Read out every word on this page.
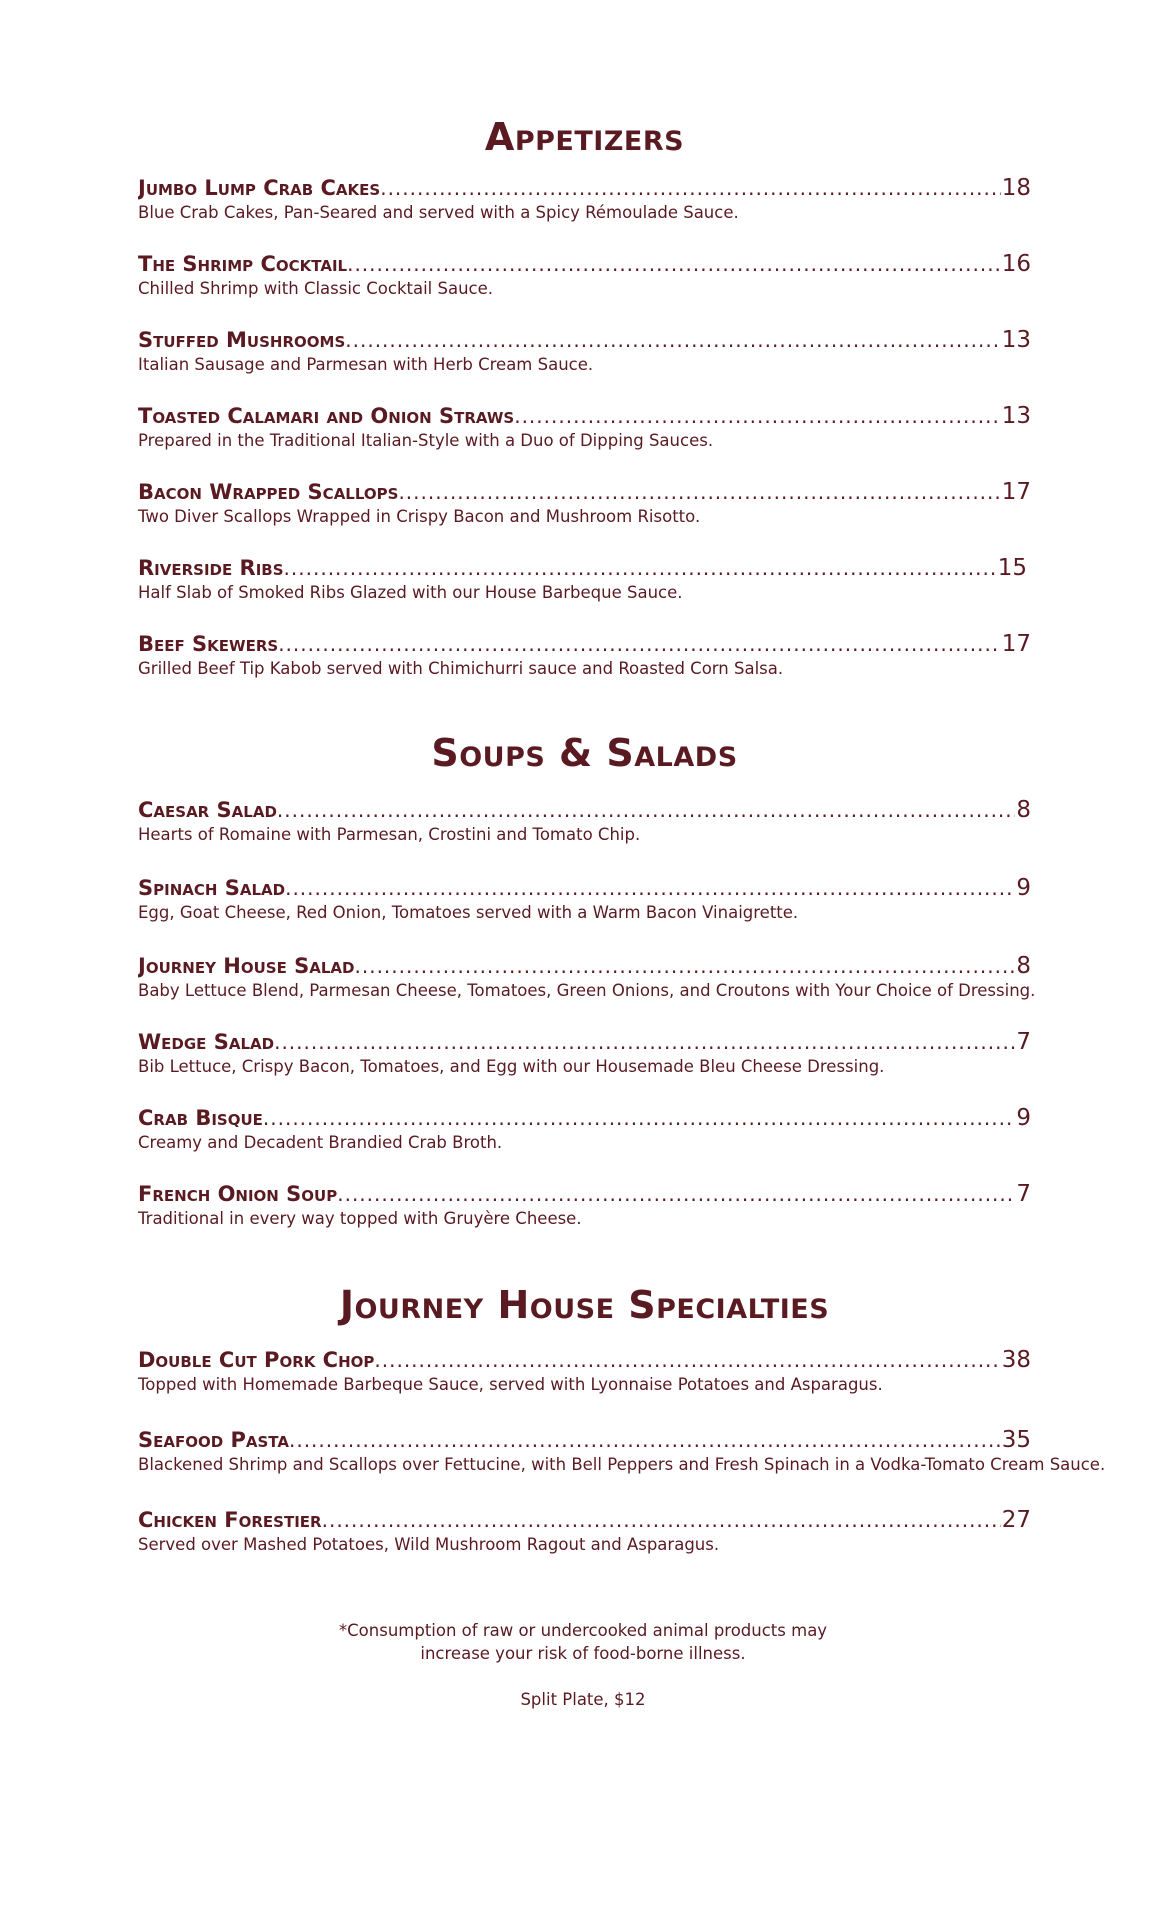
Appetizers
Jumbo Lump Crab Cakes .....	18
Blue Crab Cakes, Pan-Seared and served with a Spicy Rémoulade Sauce.
The Shrimp Cocktail .....	16
Chilled Shrimp with Classic Cocktail Sauce.
Stuffed Mushrooms .....	13
Italian Sausage and Parmesan with Herb Cream Sauce.
Toasted Calamari and Onion Straws .....	13
Prepared in the Traditional Italian-Style with a Duo of Dipping Sauces.
Bacon Wrapped Scallops .....	17
Two Diver Scallops Wrapped in Crispy Bacon and Mushroom Risotto.
Riverside Ribs .....	15
Half Slab of Smoked Ribs Glazed with our House Barbeque Sauce.
Beef Skewers .....	17
Grilled Beef Tip Kabob served with Chimichurri sauce and Roasted Corn Salsa.
Soups & Salads
Caesar Salad .....	8
Hearts of Romaine with Parmesan, Crostini and Tomato Chip.
Spinach Salad .....	9
Egg, Goat Cheese, Red Onion, Tomatoes served with a Warm Bacon Vinaigrette.
Journey House Salad .....	8
Baby Lettuce Blend, Parmesan Cheese, Tomatoes, Green Onions, and Croutons with Your Choice of Dressing.
Wedge Salad .....	7
Bib Lettuce, Crispy Bacon, Tomatoes, and Egg with our Housemade Bleu Cheese Dressing.
Crab Bisque .....	9
Creamy and Decadent Brandied Crab Broth.
French Onion Soup .....	7
Traditional in every way topped with Gruyère Cheese.
Journey House Specialties
Double Cut Pork Chop .....	38
Topped with Homemade Barbeque Sauce, served with Lyonnaise Potatoes and Asparagus.
Seafood Pasta .....	35
Blackened Shrimp and Scallops over Fettucine, with Bell Peppers and Fresh Spinach in a Vodka-Tomato Cream Sauce.
Chicken Forestier .....	27
Served over Mashed Potatoes, Wild Mushroom Ragout and Asparagus.
*Consumption of raw or undercooked animal products may
increase your risk of food-borne illness.
Split Plate, $12
